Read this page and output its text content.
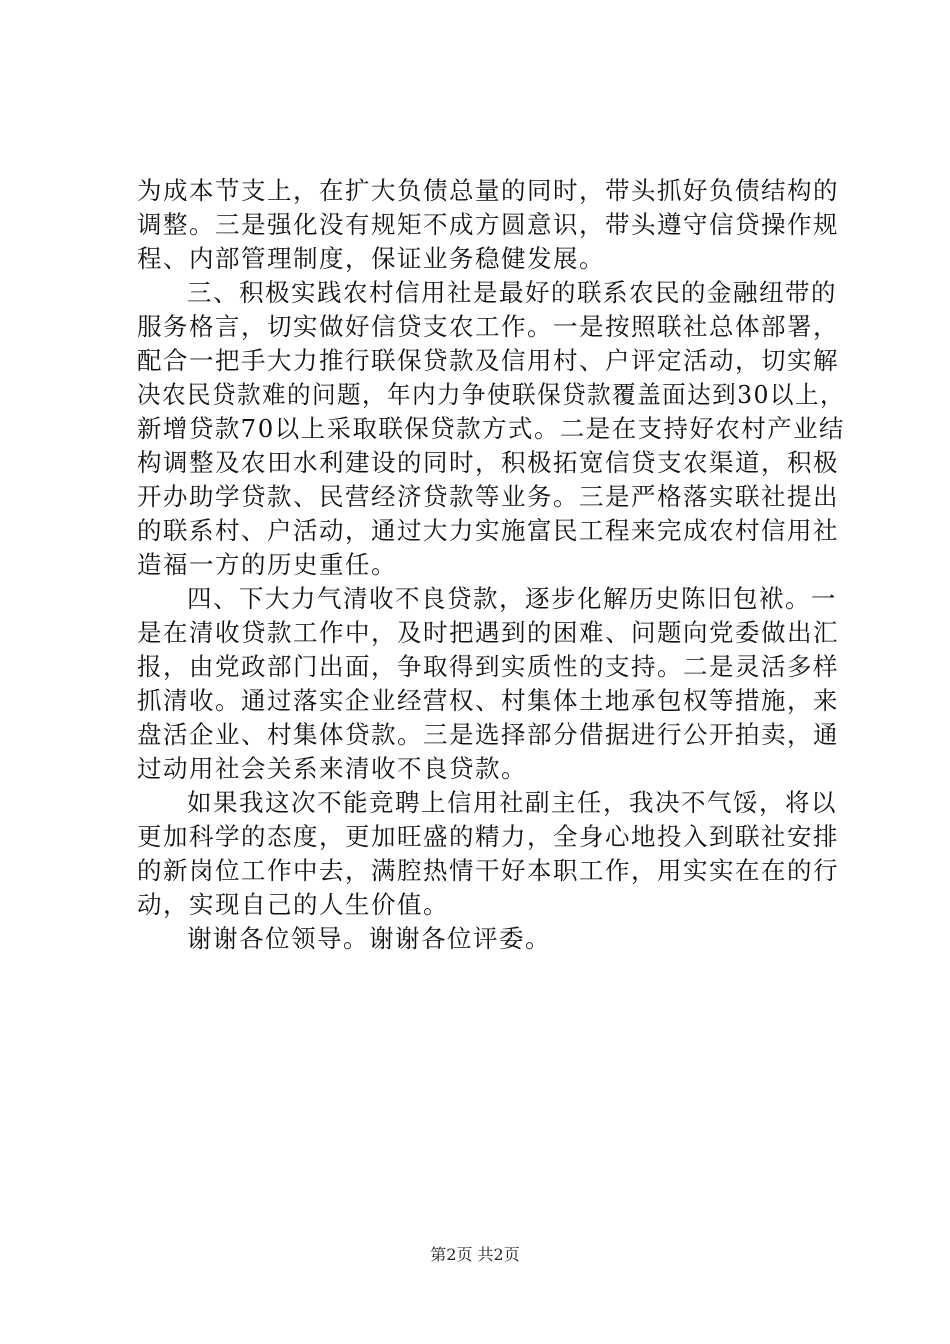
为成本节支上，在扩大负债总量的同时，带头抓好负债结构的
调整。三是强化没有规矩不成方圆意识，带头遵守信贷操作规
程、内部管理制度，保证业务稳健发展。
三、积极实践农村信用社是最好的联系农民的金融纽带的
服务格言，切实做好信贷支农工作。一是按照联社总体部署，
配合一把手大力推行联保贷款及信用村、户评定活动，切实解
决农民贷款难的问题，年内力争使联保贷款覆盖面达到30以上，
新增贷款70以上采取联保贷款方式。二是在支持好农村产业结
构调整及农田水利建设的同时，积极拓宽信贷支农渠道，积极
开办助学贷款、民营经济贷款等业务。三是严格落实联社提出
的联系村、户活动，通过大力实施富民工程来完成农村信用社
造福一方的历史重任。
四、下大力气清收不良贷款，逐步化解历史陈旧包袱。一
是在清收贷款工作中，及时把遇到的困难、问题向党委做出汇
报，由党政部门出面，争取得到实质性的支持。二是灵活多样
抓清收。通过落实企业经营权、村集体土地承包权等措施，来
盘活企业、村集体贷款。三是选择部分借据进行公开拍卖，通
过动用社会关系来清收不良贷款。
如果我这次不能竞聘上信用社副主任，我决不气馁，将以
更加科学的态度，更加旺盛的精力，全身心地投入到联社安排
的新岗位工作中去，满腔热情干好本职工作，用实实在在的行
动，实现自己的人生价值。
谢谢各位领导。谢谢各位评委。
第2页 共2页
